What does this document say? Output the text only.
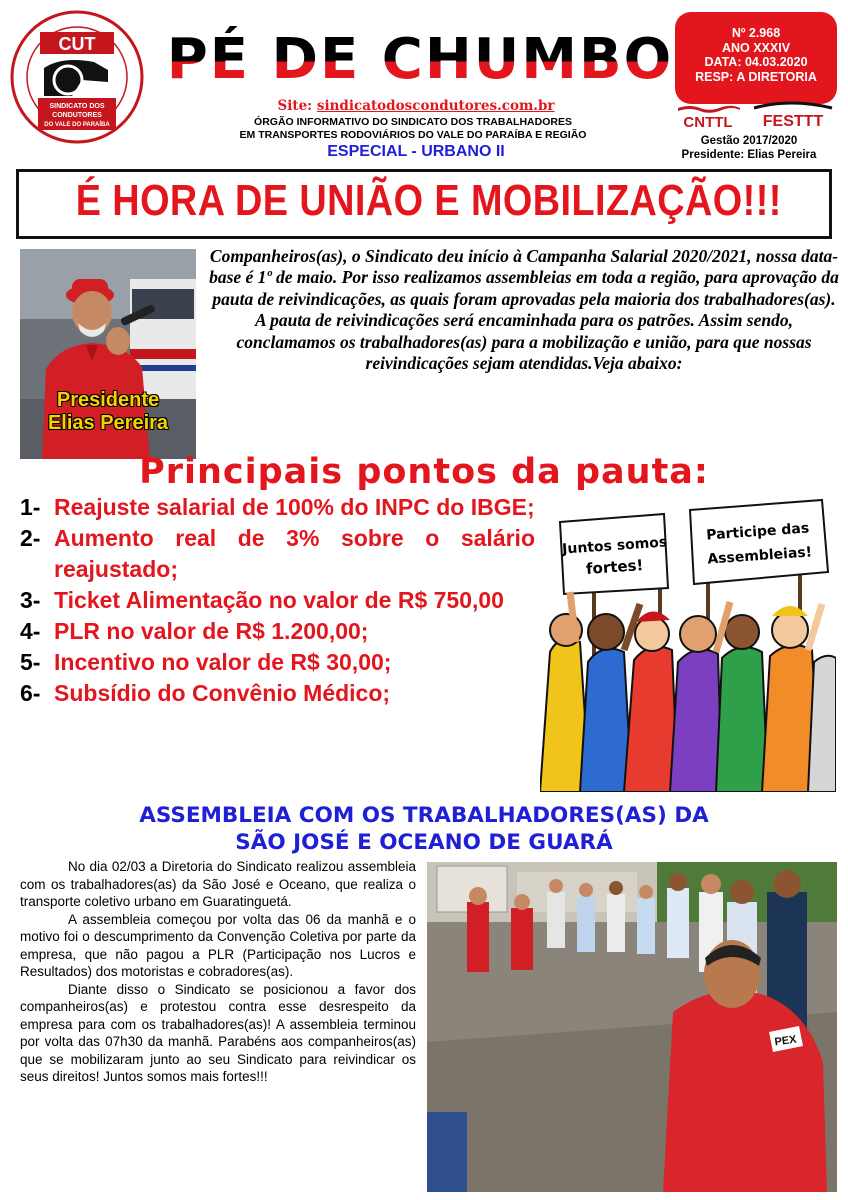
CUT
SINDICATO DOS
CONDUTORES
DO VALE DO PARAÍBA
PÉ DE CHUMBO
Site: sindicatodoscondutores.com.br
ÓRGÃO INFORMATIVO DO SINDICATO DOS TRABALHADORES
EM TRANSPORTES RODOVIÁRIOS DO VALE DO PARAÍBA E REGIÃO
ESPECIAL - URBANO II
Nº 2.968
ANO XXXIV
DATA: 04.03.2020
RESP: A DIRETORIA
CNTTL FESTTT
Gestão 2017/2020
Presidente: Elias Pereira
É HORA DE UNIÃO E MOBILIZAÇÃO!!!
Presidente
Elias Pereira
Companheiros(as), o Sindicato deu início à Campanha Salarial 2020/2021, nossa data-base é 1º de maio. Por isso realizamos assembleias em toda a região, para aprovação da pauta de reivindicações, as quais foram aprovadas pela maioria dos trabalhadores(as). A pauta de reivindicações será encaminhada para os patrões. Assim sendo, conclamamos os trabalhadores(as) para a mobilização e união, para que nossas reivindicações sejam atendidas.Veja abaixo:
Principais pontos da pauta:
1- Reajuste salarial de 100% do INPC do IBGE;
2- Aumento real de 3% sobre o salário reajustado;
3- Ticket Alimentação no valor de R$ 750,00
4- PLR no valor de R$ 1.200,00;
5- Incentivo no valor de R$ 30,00;
6- Subsídio do Convênio Médico;
Juntos somos
fortes!
Participe das
Assembleias!
ASSEMBLEIA COM OS TRABALHADORES(AS) DA
SÃO JOSÉ E OCEANO DE GUARÁ

No dia 02/03 a Diretoria do Sindicato realizou assembleia com os trabalhadores(as) da São José e Oceano, que realiza o transporte coletivo urbano em Guaratinguetá.

A assembleia começou por volta das 06 da manhã e o motivo foi o descumprimento da Convenção Coletiva por parte da empresa, que não pagou a PLR (Participação nos Lucros e Resultados) dos motoristas e cobradores(as).

Diante disso o Sindicato se posicionou a favor dos companheiros(as) e protestou contra esse desrespeito da empresa para com os trabalhadores(as)! A assembleia terminou por volta das 07h30 da manhã. Parabéns aos companheiros(as) que se mobilizaram junto ao seu Sindicato para reivindicar os seus direitos! Juntos somos mais fortes!!!

PEX
